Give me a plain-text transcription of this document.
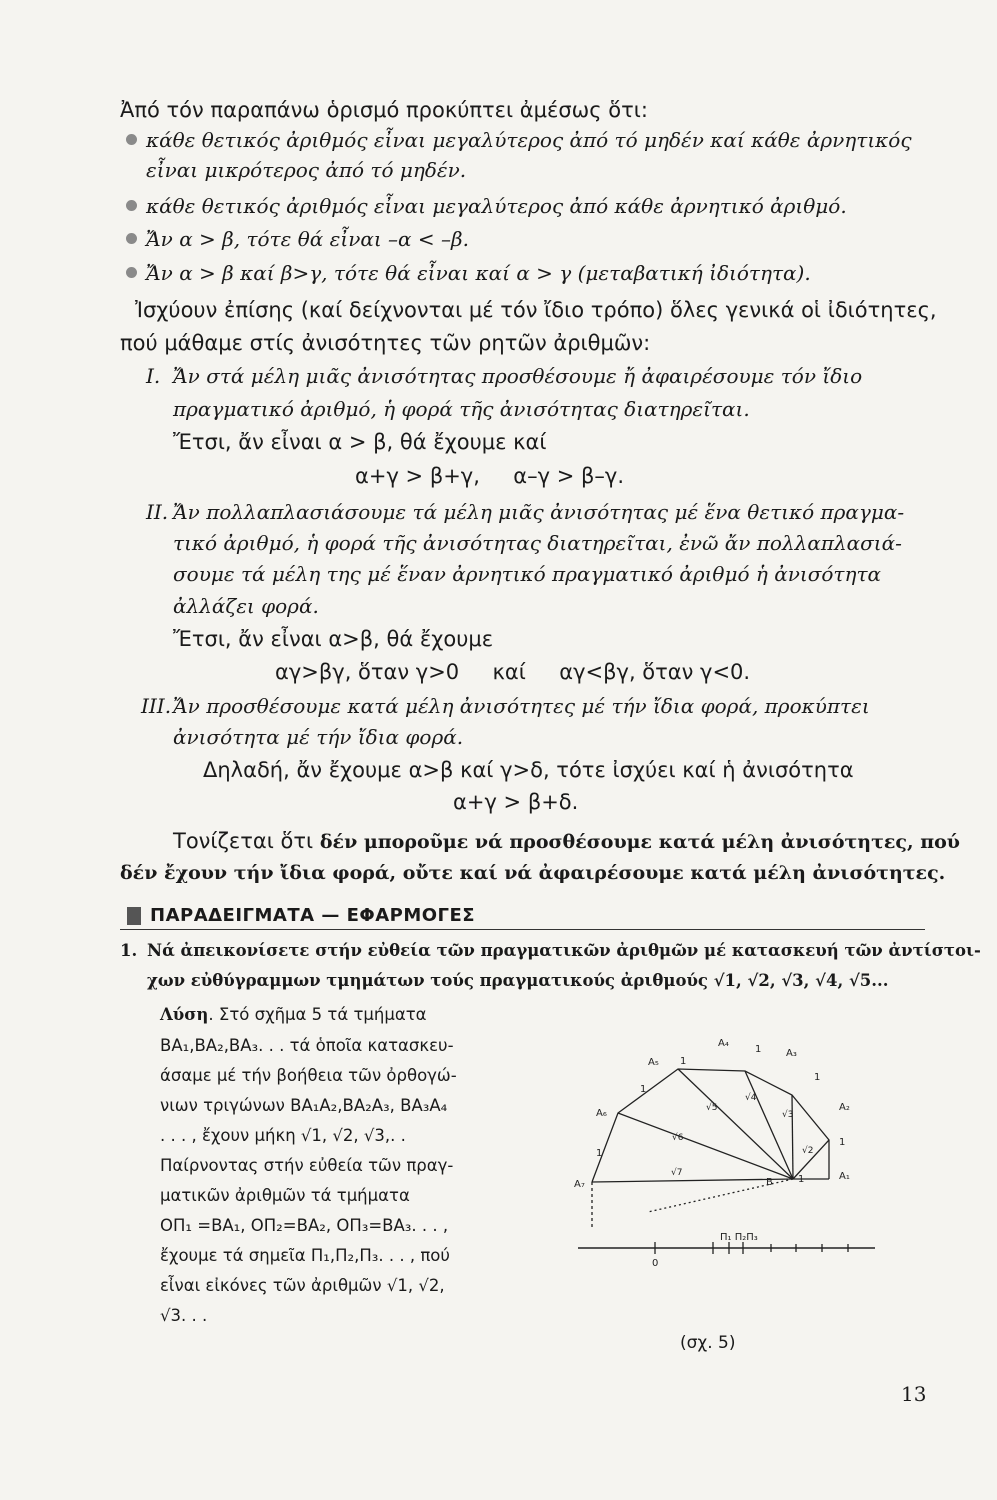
Ἀπό τόν παραπάνω ὁρισμό προκύπτει ἀμέσως ὅτι:
κάθε θετικός ἀριθμός εἶναι μεγαλύτερος ἀπό τό μηδέν καί κάθε ἀρνητικός
εἶναι μικρότερος ἀπό τό μηδέν.
κάθε θετικός ἀριθμός εἶναι μεγαλύτερος ἀπό κάθε ἀρνητικό ἀριθμό.
Ἄν α > β, τότε θά εἶναι –α < –β.
Ἄν α > β καί β>γ, τότε θά εἶναι καί α > γ (μεταβατική ἰδιότητα).
Ἰσχύουν ἐπίσης (καί δείχνονται μέ τόν ἴδιο τρόπο) ὅλες γενικά οἱ ἰδιότητες,
πού μάθαμε στίς ἀνισότητες τῶν ρητῶν ἀριθμῶν:
I. Ἄν στά μέλη μιᾶς ἀνισότητας προσθέσουμε ἤ ἀφαιρέσουμε τόν ἴδιο
πραγματικό ἀριθμό, ἡ φορά τῆς ἀνισότητας διατηρεῖται.
Ἔτσι, ἄν εἶναι α > β, θά ἔχουμε καί
α+γ > β+γ,     α–γ > β–γ.
II. Ἄν πολλαπλασιάσουμε τά μέλη μιᾶς ἀνισότητας μέ ἕνα θετικό πραγμα-
τικό ἀριθμό, ἡ φορά τῆς ἀνισότητας διατηρεῖται, ἐνῶ ἄν πολλαπλασιά-
σουμε τά μέλη της μέ ἕναν ἀρνητικό πραγματικό ἀριθμό ἡ ἀνισότητα
ἀλλάζει φορά.
Ἔτσι, ἄν εἶναι α>β, θά ἔχουμε
αγ>βγ, ὅταν γ>0     καί     αγ<βγ, ὅταν γ<0.
III. Ἄν προσθέσουμε κατά μέλη ἀνισότητες μέ τήν ἴδια φορά, προκύπτει
ἀνισότητα μέ τήν ἴδια φορά.
Δηλαδή, ἄν ἔχουμε α>β καί γ>δ, τότε ἰσχύει καί ἡ ἀνισότητα
α+γ > β+δ.
Τονίζεται ὅτι δέν μποροῦμε νά προσθέσουμε κατά μέλη ἀνισότητες, πού
δέν ἔχουν τήν ἴδια φορά, οὔτε καί νά ἀφαιρέσουμε κατά μέλη ἀνισότητες.
ΠΑΡΑΔΕΙΓΜΑΤΑ — ΕΦΑΡΜΟΓΕΣ
1. Νά ἀπεικονίσετε στήν εὐθεία τῶν πραγματικῶν ἀριθμῶν μέ κατασκευή τῶν ἀντίστοι-
χων εὐθύγραμμων τμημάτων τούς πραγματικούς ἀριθμούς √1, √2, √3, √4, √5...
Λύση. Στό σχῆμα 5 τά τμήματα
ΒΑ₁,ΒΑ₂,ΒΑ₃. . . τά ὁποῖα κατασκευ-
άσαμε μέ τήν βοήθεια τῶν ὀρθογώ-
νιων τριγώνων ΒΑ₁Α₂,ΒΑ₂Α₃, ΒΑ₃Α₄
. . . , ἔχουν μήκη √1, √2, √3,. .
Παίρνοντας στήν εὐθεία τῶν πραγ-
ματικῶν ἀριθμῶν τά τμήματα
ΟΠ₁ =ΒΑ₁, ΟΠ₂=ΒΑ₂, ΟΠ₃=ΒΑ₃. . . ,
ἔχουμε τά σημεῖα Π₁,Π₂,Π₃. . . , πού
εἶναι εἰκόνες τῶν ἀριθμῶν √1, √2,
√3. . .
A₁
A₂
A₃
A₄
A₅
A₆
A₇	B	1
1
1
1
1
1
1	√2
√3
√4
√5
√6
√7
Π₁ Π₂Π₃
0
(σχ. 5)
13
